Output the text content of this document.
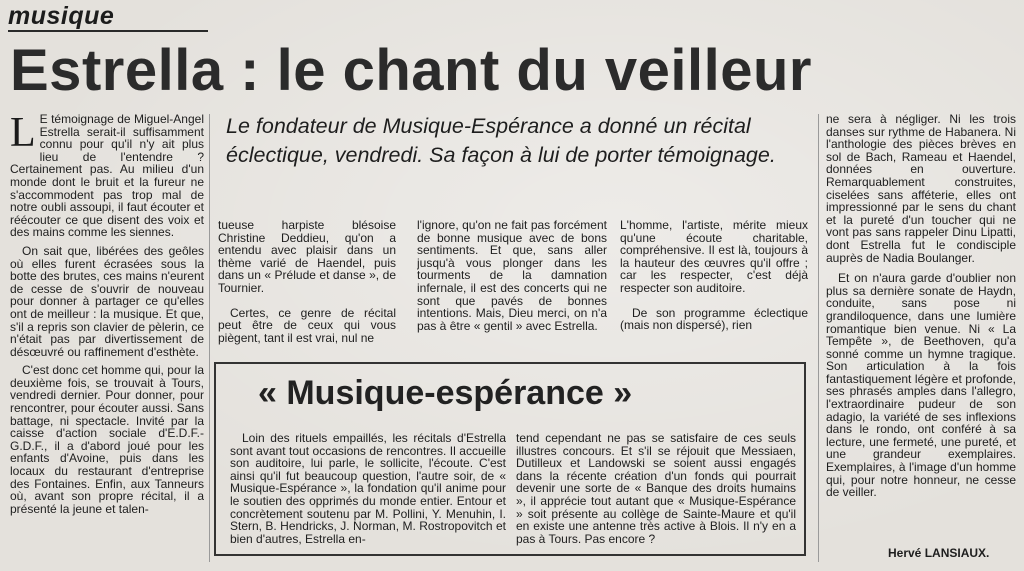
musique
Estrella : le chant du veilleur

L E témoignage de Miguel-Angel Estrella serait-il suffisamment connu pour qu'il n'y ait plus lieu de l'entendre ? Certainement pas. Au milieu d'un monde dont le bruit et la fureur ne s'accommodent pas trop mal de notre oubli assoupi, il faut écouter et réécouter ce que disent des voix et des mains comme les siennes.

On sait que, libérées des geôles où elles furent écrasées sous la botte des brutes, ces mains n'eurent de cesse de s'ouvrir de nouveau pour donner à partager ce qu'elles ont de meilleur : la musique. Et que, s'il a repris son clavier de pèlerin, ce n'était pas par divertissement de désœuvré ou raffinement d'esthète.

C'est donc cet homme qui, pour la deuxième fois, se trouvait à Tours, vendredi dernier. Pour donner, pour rencontrer, pour écouter aussi. Sans battage, ni spectacle. Invité par la caisse d'action sociale d'E.D.F.-G.D.F., il a d'abord joué pour les enfants d'Avoine, puis dans les locaux du restaurant d'entreprise des Fontaines. Enfin, aux Tanneurs où, avant son propre récital, il a présenté la jeune et talen-

Le fondateur de Musique-Espérance a donné un récital éclectique, vendredi. Sa façon à lui de porter témoignage.

tueuse harpiste blésoise Christine Deddieu, qu'on a entendu avec plaisir dans un thème varié de Haendel, puis dans un « Prélude et danse », de Tournier.

Certes, ce genre de récital peut être de ceux qui vous piègent, tant il est vrai, nul ne

l'ignore, qu'on ne fait pas forcément de bonne musique avec de bons sentiments. Et que, sans aller jusqu'à vous plonger dans les tourments de la damnation infernale, il est des concerts qui ne sont que pavés de bonnes intentions. Mais, Dieu merci, on n'a pas à être « gentil » avec Estrella.

L'homme, l'artiste, mérite mieux qu'une écoute charitable, compréhensive. Il est là, toujours à la hauteur des œuvres qu'il offre ; car les respecter, c'est déjà respecter son auditoire.

De son programme éclectique (mais non dispersé), rien

ne sera à négliger. Ni les trois danses sur rythme de Habanera. Ni l'anthologie des pièces brèves en sol de Bach, Rameau et Haendel, données en ouverture. Remarquablement construites, ciselées sans afféterie, elles ont impressionné par le sens du chant et la pureté d'un toucher qui ne vont pas sans rappeler Dinu Lipatti, dont Estrella fut le condisciple auprès de Nadia Boulanger.

Et on n'aura garde d'oublier non plus sa dernière sonate de Haydn, conduite, sans pose ni grandiloquence, dans une lumière romantique bien venue. Ni « La Tempête », de Beethoven, qu'a sonné comme un hymne tragique. Son articulation à la fois fantastiquement légère et profonde, ses phrasés amples dans l'allegro, l'extraordinaire pudeur de son adagio, la variété de ses inflexions dans le rondo, ont conféré à sa lecture, une fermeté, une pureté, et une grandeur exemplaires. Exemplaires, à l'image d'un homme qui, pour notre honneur, ne cesse de veiller.

« Musique-espérance »

Loin des rituels empaillés, les récitals d'Estrella sont avant tout occasions de rencontres. Il accueille son auditoire, lui parle, le sollicite, l'écoute. C'est ainsi qu'il fut beaucoup question, l'autre soir, de « Musique-Espérance », la fondation qu'il anime pour le soutien des opprimés du monde entier. Entour et concrètement soutenu par M. Pollini, Y. Menuhin, I. Stern, B. Hendricks, J. Norman, M. Rostropovitch et bien d'autres, Estrella en-

tend cependant ne pas se satisfaire de ces seuls illustres concours. Et s'il se réjouit que Messiaen, Dutilleux et Landowski se soient aussi engagés dans la récente création d'un fonds qui pourrait devenir une sorte de « Banque des droits humains », il apprécie tout autant que « Musique-Espérance » soit présente au collège de Sainte-Maure et qu'il en existe une antenne très active à Blois. Il n'y en a pas à Tours. Pas encore ?

Hervé LANSIAUX.
